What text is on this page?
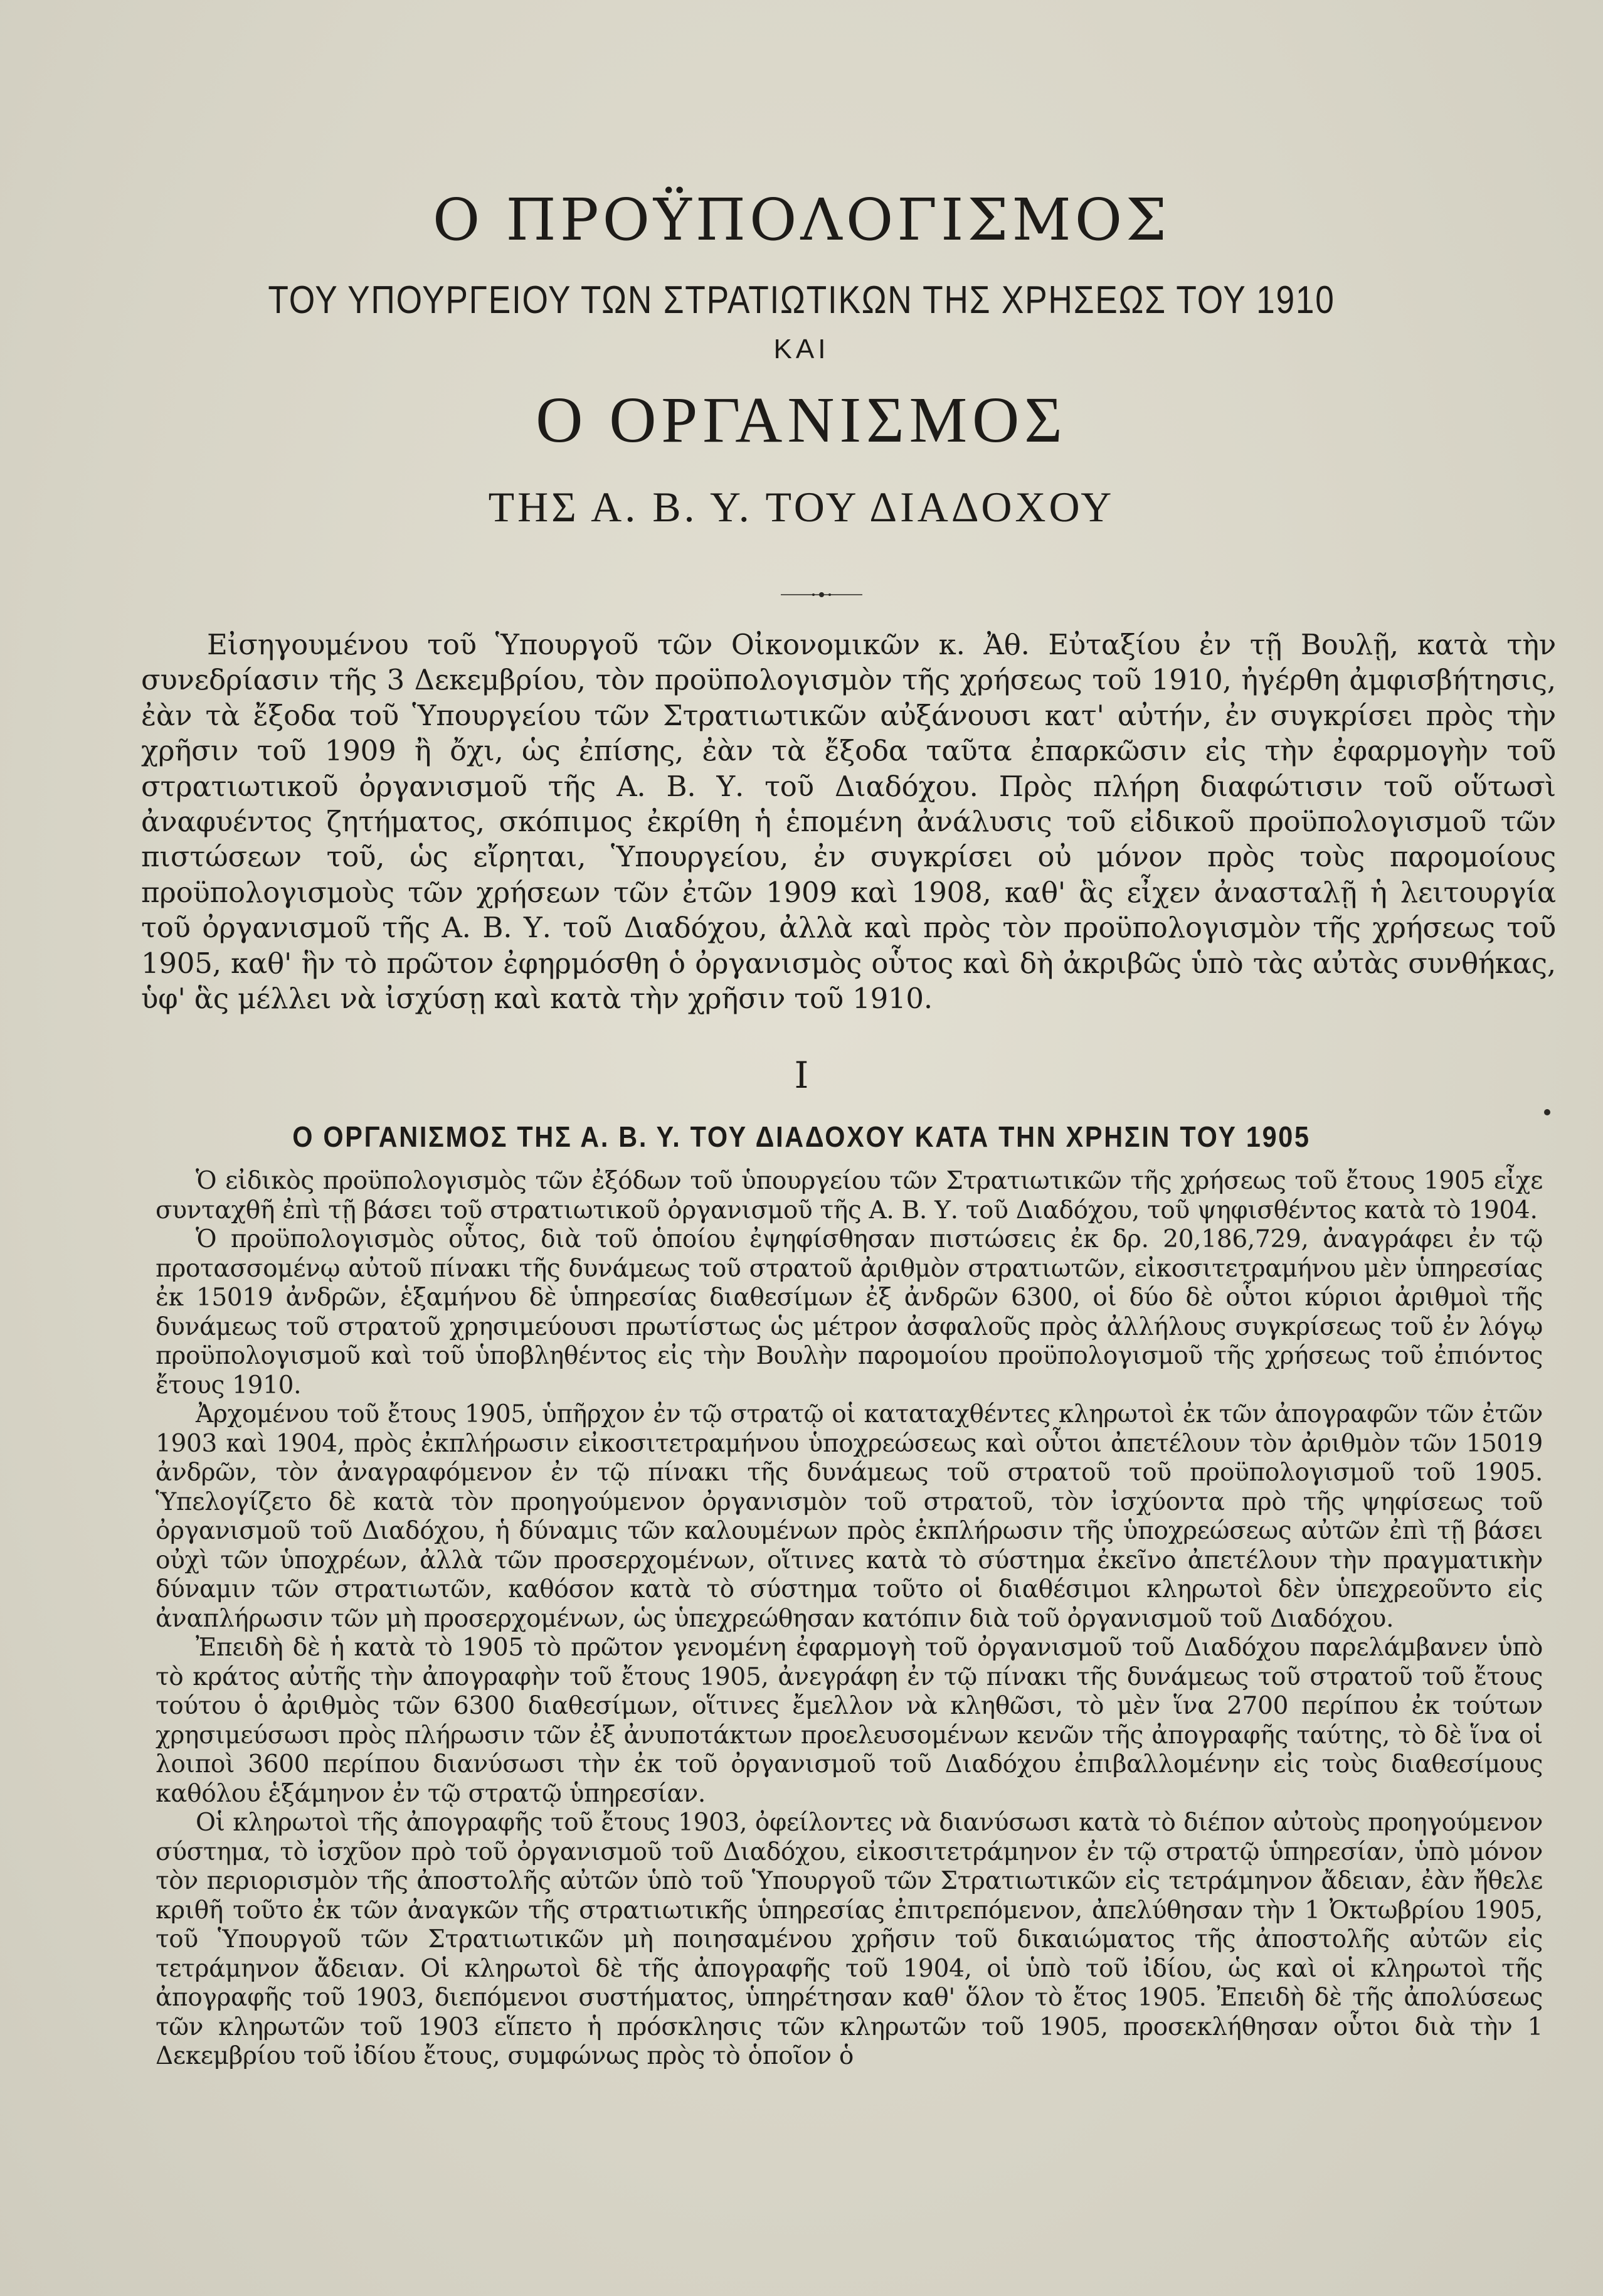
Ο ΠΡΟΫΠΟΛΟΓΙΣΜΟΣ
ΤΟΥ ΥΠΟΥΡΓΕΙΟΥ ΤΩΝ ΣΤΡΑΤΙΩΤΙΚΩΝ ΤΗΣ ΧΡΗΣΕΩΣ ΤΟΥ 1910
ΚΑΙ
Ο ΟΡΓΑΝΙΣΜΟΣ
ΤΗΣ Α. Β. Υ. ΤΟΥ ΔΙΑΔΟΧΟΥ
Εἰσηγουμένου τοῦ Ὑπουργοῦ τῶν Οἰκονομικῶν κ. Ἀθ. Εὐταξίου ἐν τῇ Βουλῇ, κατὰ τὴν συνεδρίασιν τῆς 3 Δεκεμβρίου, τὸν προϋπολογισμὸν τῆς χρήσεως τοῦ 1910, ἠγέρθη ἀμφισβήτησις, ἐὰν τὰ ἔξοδα τοῦ Ὑπουργείου τῶν Στρατιωτικῶν αὐξάνουσι κατ' αὐτήν, ἐν συγκρίσει πρὸς τὴν χρῆσιν τοῦ 1909 ἢ ὄχι, ὡς ἐπίσης, ἐὰν τὰ ἔξοδα ταῦτα ἐπαρκῶσιν εἰς τὴν ἐφαρμογὴν τοῦ στρατιωτικοῦ ὀργανισμοῦ τῆς Α. Β. Υ. τοῦ Διαδόχου. Πρὸς πλήρη διαφώτισιν τοῦ οὕτωσὶ ἀναφυέντος ζητήματος, σκόπιμος ἐκρίθη ἡ ἑπομένη ἀνάλυσις τοῦ εἰδικοῦ προϋπολογισμοῦ τῶν πιστώσεων τοῦ, ὡς εἴρηται, Ὑπουργείου, ἐν συγκρίσει οὐ μόνον πρὸς τοὺς παρομοίους προϋπολογισμοὺς τῶν χρήσεων τῶν ἐτῶν 1909 καὶ 1908, καθ' ἃς εἶχεν ἀνασταλῇ ἡ λειτουργία τοῦ ὀργανισμοῦ τῆς Α. Β. Υ. τοῦ Διαδόχου, ἀλλὰ καὶ πρὸς τὸν προϋπολογισμὸν τῆς χρήσεως τοῦ 1905, καθ' ἣν τὸ πρῶτον ἐφηρμόσθη ὁ ὀργανισμὸς οὗτος καὶ δὴ ἀκριβῶς ὑπὸ τὰς αὐτὰς συνθήκας, ὑφ' ἃς μέλλει νὰ ἰσχύσῃ καὶ κατὰ τὴν χρῆσιν τοῦ 1910.
I
Ο ΟΡΓΑΝΙΣΜΟΣ ΤΗΣ Α. Β. Υ. ΤΟΥ ΔΙΑΔΟΧΟΥ ΚΑΤΑ ΤΗΝ ΧΡΗΣΙΝ ΤΟΥ 1905

Ὁ εἰδικὸς προϋπολογισμὸς τῶν ἐξόδων τοῦ ὑπουργείου τῶν Στρατιωτικῶν τῆς χρήσεως τοῦ ἔτους 1905 εἶχε συνταχθῆ ἐπὶ τῇ βάσει τοῦ στρατιωτικοῦ ὀργανισμοῦ τῆς Α. Β. Υ. τοῦ Διαδόχου, τοῦ ψηφισθέντος κατὰ τὸ 1904.

Ὁ προϋπολογισμὸς οὗτος, διὰ τοῦ ὁποίου ἐψηφίσθησαν πιστώσεις ἐκ δρ. 20,186,729, ἀναγράφει ἐν τῷ προτασσομένῳ αὐτοῦ πίνακι τῆς δυνάμεως τοῦ στρατοῦ ἀριθμὸν στρατιωτῶν, εἰκοσιτετραμήνου μὲν ὑπηρεσίας ἐκ 15019 ἀνδρῶν, ἑξαμήνου δὲ ὑπηρεσίας διαθεσίμων ἐξ ἀνδρῶν 6300, οἱ δύο δὲ οὗτοι κύριοι ἀριθμοὶ τῆς δυνάμεως τοῦ στρατοῦ χρησιμεύουσι πρωτίστως ὡς μέτρον ἀσφαλοῦς πρὸς ἀλλήλους συγκρίσεως τοῦ ἐν λόγῳ προϋπολογισμοῦ καὶ τοῦ ὑποβληθέντος εἰς τὴν Βουλὴν παρομοίου προϋπολογισμοῦ τῆς χρήσεως τοῦ ἐπιόντος ἔτους 1910.

Ἀρχομένου τοῦ ἔτους 1905, ὑπῆρχον ἐν τῷ στρατῷ οἱ καταταχθέντες κληρωτοὶ ἐκ τῶν ἀπογραφῶν τῶν ἐτῶν 1903 καὶ 1904, πρὸς ἐκπλήρωσιν εἰκοσιτετραμήνου ὑποχρεώσεως καὶ οὗτοι ἀπετέλουν τὸν ἀριθμὸν τῶν 15019 ἀνδρῶν, τὸν ἀναγραφόμενον ἐν τῷ πίνακι τῆς δυνάμεως τοῦ στρατοῦ τοῦ προϋπολογισμοῦ τοῦ 1905. Ὑπελογίζετο δὲ κατὰ τὸν προηγούμενον ὀργανισμὸν τοῦ στρατοῦ, τὸν ἰσχύοντα πρὸ τῆς ψηφίσεως τοῦ ὀργανισμοῦ τοῦ Διαδόχου, ἡ δύναμις τῶν καλουμένων πρὸς ἐκπλήρωσιν τῆς ὑποχρεώσεως αὐτῶν ἐπὶ τῇ βάσει οὐχὶ τῶν ὑποχρέων, ἀλλὰ τῶν προσερχομένων, οἵτινες κατὰ τὸ σύστημα ἐκεῖνο ἀπετέλουν τὴν πραγματικὴν δύναμιν τῶν στρατιωτῶν, καθόσον κατὰ τὸ σύστημα τοῦτο οἱ διαθέσιμοι κληρωτοὶ δὲν ὑπεχρεοῦντο εἰς ἀναπλήρωσιν τῶν μὴ προσερχομένων, ὡς ὑπεχρεώθησαν κατόπιν διὰ τοῦ ὀργανισμοῦ τοῦ Διαδόχου.

Ἐπειδὴ δὲ ἡ κατὰ τὸ 1905 τὸ πρῶτον γενομένη ἐφαρμογὴ τοῦ ὀργανισμοῦ τοῦ Διαδόχου παρελάμβανεν ὑπὸ τὸ κράτος αὐτῆς τὴν ἀπογραφὴν τοῦ ἔτους 1905, ἀνεγράφη ἐν τῷ πίνακι τῆς δυνάμεως τοῦ στρατοῦ τοῦ ἔτους τούτου ὁ ἀριθμὸς τῶν 6300 διαθεσίμων, οἵτινες ἔμελλον νὰ κληθῶσι, τὸ μὲν ἵνα 2700 περίπου ἐκ τούτων χρησιμεύσωσι πρὸς πλήρωσιν τῶν ἐξ ἀνυποτάκτων προελευσομένων κενῶν τῆς ἀπογραφῆς ταύτης, τὸ δὲ ἵνα οἱ λοιποὶ 3600 περίπου διανύσωσι τὴν ἐκ τοῦ ὀργανισμοῦ τοῦ Διαδόχου ἐπιβαλλομένην εἰς τοὺς διαθεσίμους καθόλου ἑξάμηνον ἐν τῷ στρατῷ ὑπηρεσίαν.

Οἱ κληρωτοὶ τῆς ἀπογραφῆς τοῦ ἔτους 1903, ὀφείλοντες νὰ διανύσωσι κατὰ τὸ διέπον αὐτοὺς προηγούμενον σύστημα, τὸ ἰσχῦον πρὸ τοῦ ὀργανισμοῦ τοῦ Διαδόχου, εἰκοσιτετράμηνον ἐν τῷ στρατῷ ὑπηρεσίαν, ὑπὸ μόνον τὸν περιορισμὸν τῆς ἀποστολῆς αὐτῶν ὑπὸ τοῦ Ὑπουργοῦ τῶν Στρατιωτικῶν εἰς τετράμηνον ἄδειαν, ἐὰν ἤθελε κριθῆ τοῦτο ἐκ τῶν ἀναγκῶν τῆς στρατιωτικῆς ὑπηρεσίας ἐπιτρεπόμενον, ἀπελύθησαν τὴν 1 Ὀκτωβρίου 1905, τοῦ Ὑπουργοῦ τῶν Στρατιωτικῶν μὴ ποιησαμένου χρῆσιν τοῦ δικαιώματος τῆς ἀποστολῆς αὐτῶν εἰς τετράμηνον ἄδειαν. Οἱ κληρωτοὶ δὲ τῆς ἀπογραφῆς τοῦ 1904, οἱ ὑπὸ τοῦ ἰδίου, ὡς καὶ οἱ κληρωτοὶ τῆς ἀπογραφῆς τοῦ 1903, διεπόμενοι συστήματος, ὑπηρέτησαν καθ' ὅλον τὸ ἔτος 1905. Ἐπειδὴ δὲ τῆς ἀπολύσεως τῶν κληρωτῶν τοῦ 1903 εἵπετο ἡ πρόσκλησις τῶν κληρωτῶν τοῦ 1905, προσεκλήθησαν οὗτοι διὰ τὴν 1 Δεκεμβρίου τοῦ ἰδίου ἔτους, συμφώνως πρὸς τὸ ὁποῖον ὁ
